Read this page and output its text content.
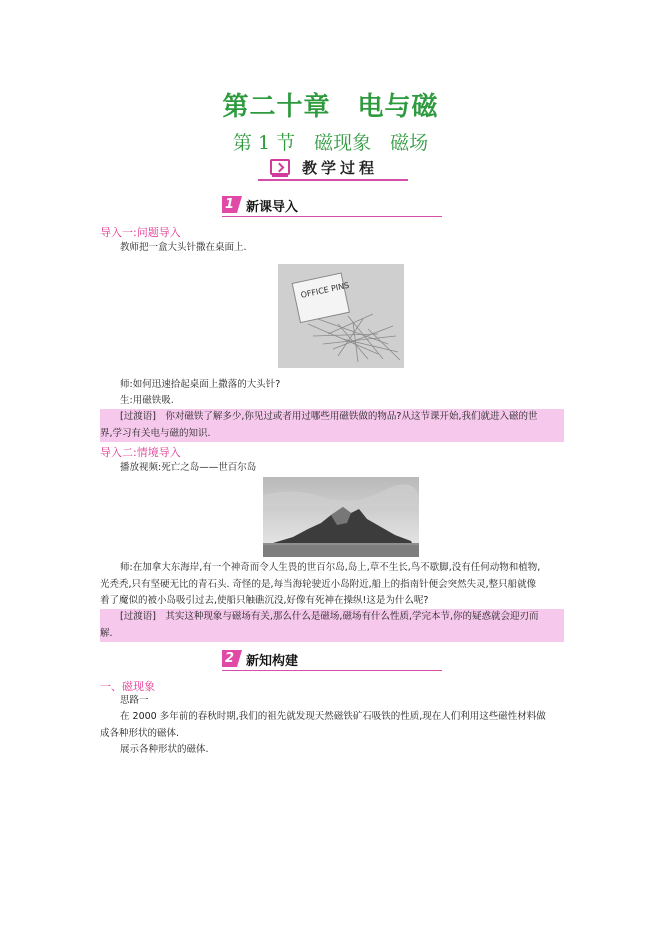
第二十章　电与磁
第 1 节　磁现象　磁场
教学过程
1 新课导入
导入一:问题导入
教师把一盒大头针撒在桌面上.
OFFICE PINS
师:如何迅速拾起桌面上撒落的大头针?
生:用磁铁吸.
[过渡语]　你对磁铁了解多少,你见过或者用过哪些用磁铁做的物品?从这节课开始,我们就进入磁的世
界,学习有关电与磁的知识.
导入二:情境导入
播放视频:死亡之岛——世百尔岛
师:在加拿大东海岸,有一个神奇而令人生畏的世百尔岛,岛上,草不生长,鸟不歇脚,没有任何动物和植物,
光秃秃,只有坚硬无比的青石头. 奇怪的是,每当海轮驶近小岛附近,船上的指南针便会突然失灵,整只船就像
着了魔似的被小岛吸引过去,使船只触礁沉没,好像有死神在操纵!这是为什么呢?
[过渡语]　其实这种现象与磁场有关,那么什么是磁场,磁场有什么性质,学完本节,你的疑惑就会迎刃而
解.
2 新知构建
一、磁现象
思路一
在 2000 多年前的春秋时期,我们的祖先就发现天然磁铁矿石吸铁的性质,现在人们利用这些磁性材料做
成各种形状的磁体.
展示各种形状的磁体.
